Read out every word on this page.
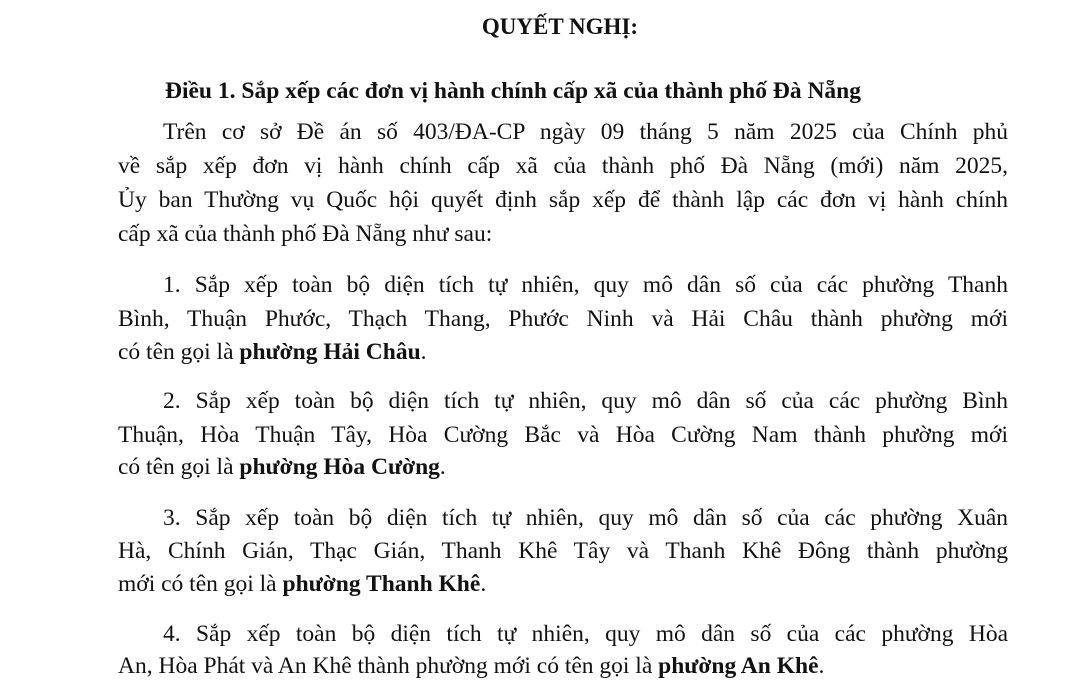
QUYẾT NGHỊ:
Điều 1. Sắp xếp các đơn vị hành chính cấp xã của thành phố Đà Nẵng
Trên cơ sở Đề án số 403/ĐA-CP ngày 09 tháng 5 năm 2025 của Chính phủ
về sắp xếp đơn vị hành chính cấp xã của thành phố Đà Nẵng (mới) năm 2025,
Ủy ban Thường vụ Quốc hội quyết định sắp xếp để thành lập các đơn vị hành chính
cấp xã của thành phố Đà Nẵng như sau:
1. Sắp xếp toàn bộ diện tích tự nhiên, quy mô dân số của các phường Thanh
Bình, Thuận Phước, Thạch Thang, Phước Ninh và Hải Châu thành phường mới
có tên gọi là phường Hải Châu.
2. Sắp xếp toàn bộ diện tích tự nhiên, quy mô dân số của các phường Bình
Thuận, Hòa Thuận Tây, Hòa Cường Bắc và Hòa Cường Nam thành phường mới
có tên gọi là phường Hòa Cường.
3. Sắp xếp toàn bộ diện tích tự nhiên, quy mô dân số của các phường Xuân
Hà, Chính Gián, Thạc Gián, Thanh Khê Tây và Thanh Khê Đông thành phường
mới có tên gọi là phường Thanh Khê.
4. Sắp xếp toàn bộ diện tích tự nhiên, quy mô dân số của các phường Hòa
An, Hòa Phát và An Khê thành phường mới có tên gọi là phường An Khê.
